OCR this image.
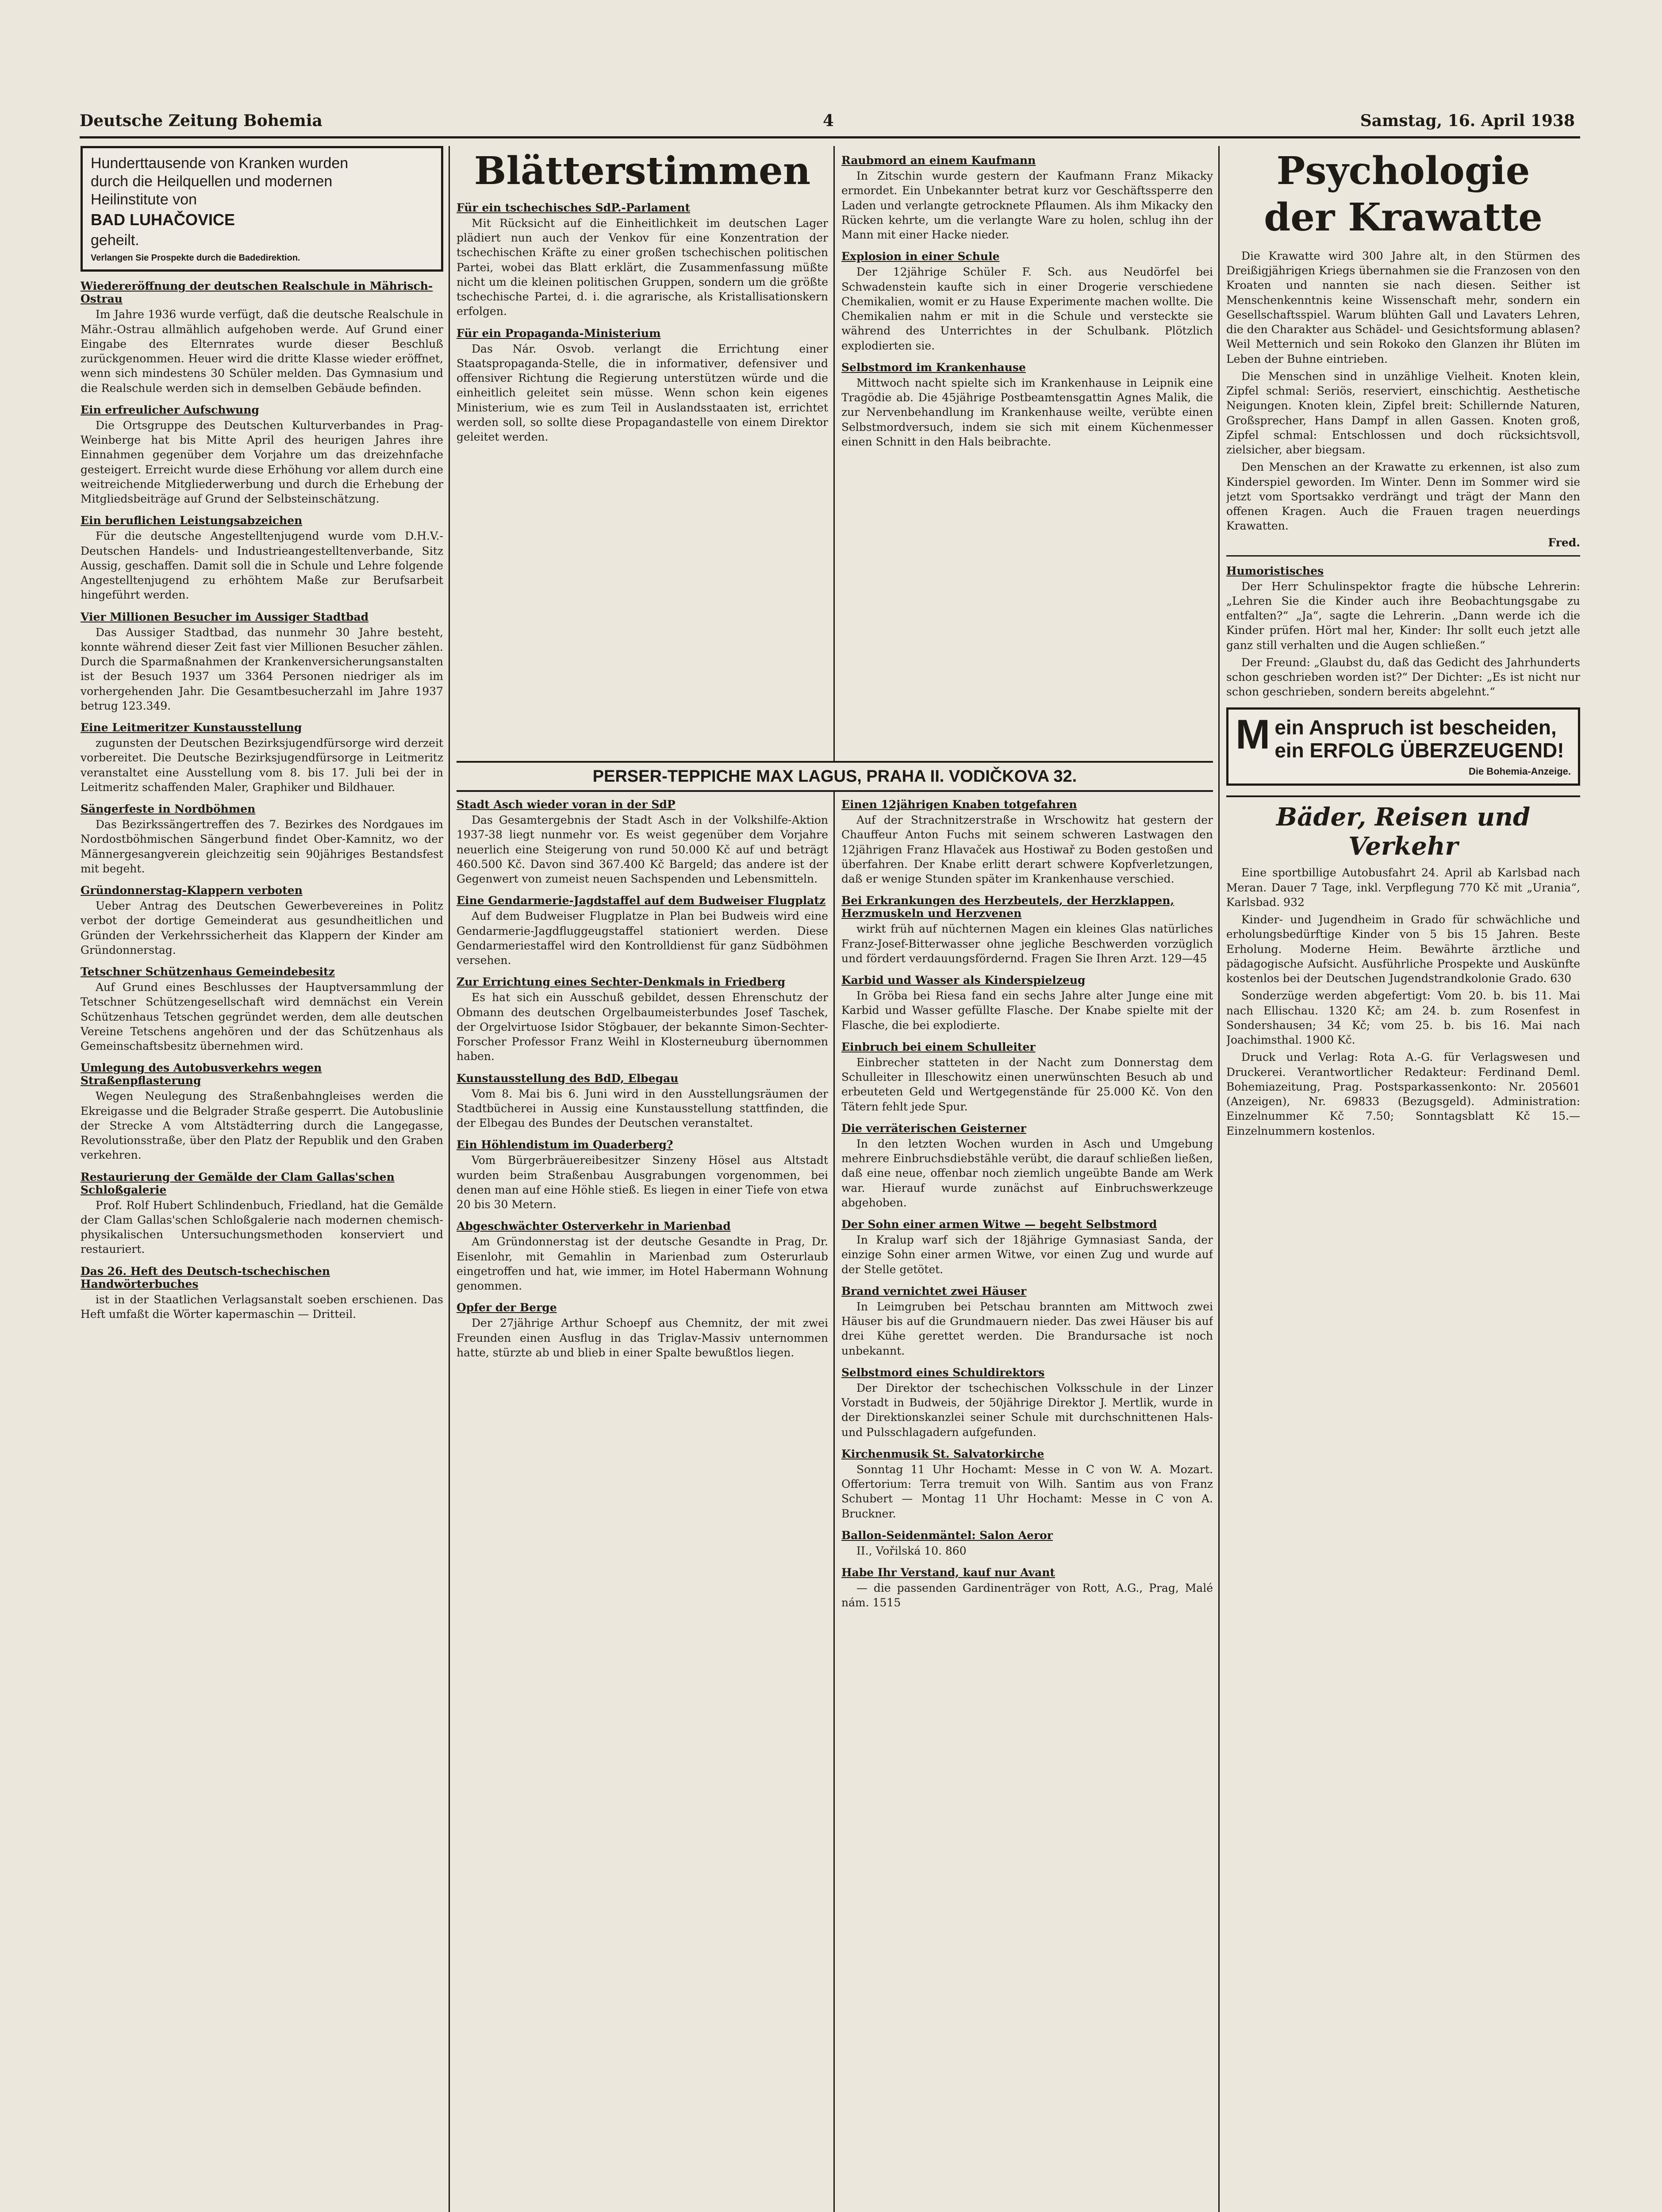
Deutsche Zeitung Bohemia	4	Samstag, 16. April 1938

Hunderttausende von Kranken wurden

durch die Heilquellen und modernen

Heilinstitute von

BAD LUHAČOVICE

geheilt.

Verlangen Sie Prospekte durch die Badedirektion.

Wiedereröffnung der deutschen Realschule in Mährisch-Ostrau
Im Jahre 1936 wurde verfügt, daß die deutsche Realschule in Mähr.-Ostrau allmählich aufgehoben werde. Auf Grund einer Eingabe des Elternrates wurde dieser Beschluß zurückgenommen. Heuer wird die dritte Klasse wieder eröffnet, wenn sich mindestens 30 Schüler melden. Das Gymnasium und die Realschule werden sich in demselben Gebäude befinden.
Ein erfreulicher Aufschwung
Die Ortsgruppe des Deutschen Kulturverbandes in Prag-Weinberge hat bis Mitte April des heurigen Jahres ihre Einnahmen gegenüber dem Vorjahre um das dreizehnfache gesteigert. Erreicht wurde diese Erhöhung vor allem durch eine weitreichende Mitgliederwerbung und durch die Erhebung der Mitgliedsbeiträge auf Grund der Selbsteinschätzung.
Ein beruflichen Leistungsabzeichen
Für die deutsche Angestelltenjugend wurde vom D.H.V.-Deutschen Handels- und Industrieangestelltenverbande, Sitz Aussig, geschaffen. Damit soll die in Schule und Lehre folgende Angestelltenjugend zu erhöhtem Maße zur Berufsarbeit hingeführt werden.
Vier Millionen Besucher im Aussiger Stadtbad
Das Aussiger Stadtbad, das nunmehr 30 Jahre besteht, konnte während dieser Zeit fast vier Millionen Besucher zählen. Durch die Sparmaßnahmen der Krankenversicherungsanstalten ist der Besuch 1937 um 3364 Personen niedriger als im vorhergehenden Jahr. Die Gesamtbesucherzahl im Jahre 1937 betrug 123.349.
Eine Leitmeritzer Kunstausstellung
zugunsten der Deutschen Bezirksjugendfürsorge wird derzeit vorbereitet. Die Deutsche Bezirksjugendfürsorge in Leitmeritz veranstaltet eine Ausstellung vom 8. bis 17. Juli bei der in Leitmeritz schaffenden Maler, Graphiker und Bildhauer.
Sängerfeste in Nordböhmen
Das Bezirkssängertreffen des 7. Bezirkes des Nordgaues im Nordostböhmischen Sängerbund findet Ober-Kamnitz, wo der Männergesangverein gleichzeitig sein 90jähriges Bestandsfest mit begeht.
Gründonnerstag-Klappern verboten
Ueber Antrag des Deutschen Gewerbevereines in Politz verbot der dortige Gemeinderat aus gesundheitlichen und Gründen der Verkehrssicherheit das Klappern der Kinder am Gründonnerstag.
Tetschner Schützenhaus Gemeindebesitz
Auf Grund eines Beschlusses der Hauptversammlung der Tetschner Schützengesellschaft wird demnächst ein Verein Schützenhaus Tetschen gegründet werden, dem alle deutschen Vereine Tetschens angehören und der das Schützenhaus als Gemeinschaftsbesitz übernehmen wird.
Umlegung des Autobusverkehrs wegen Straßenpflasterung
Wegen Neulegung des Straßenbahngleises werden die Ekreigasse und die Belgrader Straße gesperrt. Die Autobuslinie der Strecke A vom Altstädterring durch die Langegasse, Revolutionsstraße, über den Platz der Republik und den Graben verkehren.
Restaurierung der Gemälde der Clam Gallas'schen Schloßgalerie
Prof. Rolf Hubert Schlindenbuch, Friedland, hat die Gemälde der Clam Gallas'schen Schloßgalerie nach modernen chemisch-physikalischen Untersuchungsmethoden konserviert und restauriert.
Das 26. Heft des Deutsch-tschechischen Handwörterbuches
ist in der Staatlichen Verlagsanstalt soeben erschienen. Das Heft umfaßt die Wörter kapermaschin — Dritteil.
Blätterstimmen
Für ein tschechisches SdP.-Parlament
Mit Rücksicht auf die Einheitlichkeit im deutschen Lager plädiert nun auch der Venkov für eine Konzentration der tschechischen Kräfte zu einer großen tschechischen politischen Partei, wobei das Blatt erklärt, die Zusammenfassung müßte nicht um die kleinen politischen Gruppen, sondern um die größte tschechische Partei, d. i. die agrarische, als Kristallisationskern erfolgen.
Für ein Propaganda-Ministerium
Das Nár. Osvob. verlangt die Errichtung einer Staatspropaganda-Stelle, die in informativer, defensiver und offensiver Richtung die Regierung unterstützen würde und die einheitlich geleitet sein müsse. Wenn schon kein eigenes Ministerium, wie es zum Teil in Auslandsstaaten ist, errichtet werden soll, so sollte diese Propagandastelle von einem Direktor geleitet werden.
Stadt Asch wieder voran in der SdP
Das Gesamtergebnis der Stadt Asch in der Volkshilfe-Aktion 1937-38 liegt nunmehr vor. Es weist gegenüber dem Vorjahre neuerlich eine Steigerung von rund 50.000 Kč auf und beträgt 460.500 Kč. Davon sind 367.400 Kč Bargeld; das andere ist der Gegenwert von zumeist neuen Sachspenden und Lebensmitteln.
Eine Gendarmerie-Jagdstaffel auf dem Budweiser Flugplatz
Auf dem Budweiser Flugplatze in Plan bei Budweis wird eine Gendarmerie-Jagdfluggeugstaffel stationiert werden. Diese Gendarmeriestaffel wird den Kontrolldienst für ganz Südböhmen versehen.
Zur Errichtung eines Sechter-Denkmals in Friedberg
Es hat sich ein Ausschuß gebildet, dessen Ehrenschutz der Obmann des deutschen Orgelbaumeisterbundes Josef Taschek, der Orgelvirtuose Isidor Stögbauer, der bekannte Simon-Sechter-Forscher Professor Franz Weihl in Klosterneuburg übernommen haben.
Kunstausstellung des BdD, Elbegau
Vom 8. Mai bis 6. Juni wird in den Ausstellungsräumen der Stadtbücherei in Aussig eine Kunstausstellung stattfinden, die der Elbegau des Bundes der Deutschen veranstaltet.
Ein Höhlendistum im Quaderberg?
Vom Bürgerbräuereibesitzer Sinzeny Hösel aus Altstadt wurden beim Straßenbau Ausgrabungen vorgenommen, bei denen man auf eine Höhle stieß. Es liegen in einer Tiefe von etwa 20 bis 30 Metern.
Abgeschwächter Osterverkehr in Marienbad
Am Gründonnerstag ist der deutsche Gesandte in Prag, Dr. Eisenlohr, mit Gemahlin in Marienbad zum Osterurlaub eingetroffen und hat, wie immer, im Hotel Habermann Wohnung genommen.
Opfer der Berge
Der 27jährige Arthur Schoepf aus Chemnitz, der mit zwei Freunden einen Ausflug in das Triglav-Massiv unternommen hatte, stürzte ab und blieb in einer Spalte bewußtlos liegen.
Raubmord an einem Kaufmann
In Zitschin wurde gestern der Kaufmann Franz Mikacky ermordet. Ein Unbekannter betrat kurz vor Geschäftssperre den Laden und verlangte getrocknete Pflaumen. Als ihm Mikacky den Rücken kehrte, um die verlangte Ware zu holen, schlug ihn der Mann mit einer Hacke nieder.
Explosion in einer Schule
Der 12jährige Schüler F. Sch. aus Neudörfel bei Schwadenstein kaufte sich in einer Drogerie verschiedene Chemikalien, womit er zu Hause Experimente machen wollte. Die Chemikalien nahm er mit in die Schule und versteckte sie während des Unterrichtes in der Schulbank. Plötzlich explodierten sie.
Selbstmord im Krankenhause
Mittwoch nacht spielte sich im Krankenhause in Leipnik eine Tragödie ab. Die 45jährige Postbeamtensgattin Agnes Malik, die zur Nervenbehandlung im Krankenhause weilte, verübte einen Selbstmordversuch, indem sie sich mit einem Küchenmesser einen Schnitt in den Hals beibrachte.
Einen 12jährigen Knaben totgefahren
Auf der Strachnitzerstraße in Wrschowitz hat gestern der Chauffeur Anton Fuchs mit seinem schweren Lastwagen den 12jährigen Franz Hlavaček aus Hostiwař zu Boden gestoßen und überfahren. Der Knabe erlitt derart schwere Kopfverletzungen, daß er wenige Stunden später im Krankenhause verschied.
Bei Erkrankungen des Herzbeutels, der Herzklappen, Herzmuskeln und Herzvenen
wirkt früh auf nüchternen Magen ein kleines Glas natürliches Franz-Josef-Bitterwasser ohne jegliche Beschwerden vorzüglich und fördert verdauungsfördernd. Fragen Sie Ihren Arzt. 129—45
Karbid und Wasser als Kinderspielzeug
In Gröba bei Riesa fand ein sechs Jahre alter Junge eine mit Karbid und Wasser gefüllte Flasche. Der Knabe spielte mit der Flasche, die bei explodierte.
Einbruch bei einem Schulleiter
Einbrecher statteten in der Nacht zum Donnerstag dem Schulleiter in Illeschowitz einen unerwünschten Besuch ab und erbeuteten Geld und Wertgegenstände für 25.000 Kč. Von den Tätern fehlt jede Spur.
Die verräterischen Geisterner
In den letzten Wochen wurden in Asch und Umgebung mehrere Einbruchsdiebstähle verübt, die darauf schließen ließen, daß eine neue, offenbar noch ziemlich ungeübte Bande am Werk war. Hierauf wurde zunächst auf Einbruchswerkzeuge abgehoben.
Der Sohn einer armen Witwe — begeht Selbstmord
In Kralup warf sich der 18jährige Gymnasiast Sanda, der einzige Sohn einer armen Witwe, vor einen Zug und wurde auf der Stelle getötet.
Brand vernichtet zwei Häuser
In Leimgruben bei Petschau brannten am Mittwoch zwei Häuser bis auf die Grundmauern nieder. Das zwei Häuser bis auf drei Kühe gerettet werden. Die Brandursache ist noch unbekannt.
Selbstmord eines Schuldirektors
Der Direktor der tschechischen Volksschule in der Linzer Vorstadt in Budweis, der 50jährige Direktor J. Mertlik, wurde in der Direktionskanzlei seiner Schule mit durchschnittenen Hals- und Pulsschlagadern aufgefunden.
Kirchenmusik St. Salvatorkirche
Sonntag 11 Uhr Hochamt: Messe in C von W. A. Mozart. Offertorium: Terra tremuit von Wilh. Santim aus von Franz Schubert — Montag 11 Uhr Hochamt: Messe in C von A. Bruckner.
Ballon-Seidenmäntel: Salon Aeror
II., Vořilská 10. 860
Habe Ihr Verstand, kauf nur Avant
— die passenden Gardinenträger von Rott, A.G., Prag, Malé nám. 1515
PERSER-TEPPICHE MAX LAGUS, PRAHA II. VODIČKOVA 32.
Psychologie
der Krawatte
Die Krawatte wird 300 Jahre alt, in den Stürmen des Dreißigjährigen Kriegs übernahmen sie die Franzosen von den Kroaten und nannten sie nach diesen. Seither ist Menschenkenntnis keine Wissenschaft mehr, sondern ein Gesellschaftsspiel. Warum blühten Gall und Lavaters Lehren, die den Charakter aus Schädel- und Gesichtsformung ablasen? Weil Metternich und sein Rokoko den Glanzen ihr Blüten im Leben der Buhne eintrieben.
Die Menschen sind in unzählige Vielheit. Knoten klein, Zipfel schmal: Seriös, reserviert, einschichtig. Aesthetische Neigungen. Knoten klein, Zipfel breit: Schillernde Naturen, Großsprecher, Hans Dampf in allen Gassen. Knoten groß, Zipfel schmal: Entschlossen und doch rücksichtsvoll, zielsicher, aber biegsam.
Den Menschen an der Krawatte zu erkennen, ist also zum Kinderspiel geworden. Im Winter. Denn im Sommer wird sie jetzt vom Sportsakko verdrängt und trägt der Mann den offenen Kragen. Auch die Frauen tragen neuerdings Krawatten.
Fred.
Humoristisches
Der Herr Schulinspektor fragte die hübsche Lehrerin: „Lehren Sie die Kinder auch ihre Beobachtungsgabe zu entfalten?“ „Ja“, sagte die Lehrerin. „Dann werde ich die Kinder prüfen. Hört mal her, Kinder: Ihr sollt euch jetzt alle ganz still verhalten und die Augen schließen.“
Der Freund: „Glaubst du, daß das Gedicht des Jahrhunderts schon geschrieben worden ist?“ Der Dichter: „Es ist nicht nur schon geschrieben, sondern bereits abgelehnt.“
M ein Anspruch ist bescheiden,
ein ERFOLG ÜBERZEUGEND!
Die Bohemia-Anzeige.
Bäder, Reisen und Verkehr
Eine sportbillige Autobusfahrt 24. April ab Karlsbad nach Meran. Dauer 7 Tage, inkl. Verpflegung 770 Kč mit „Urania“, Karlsbad. 932
Kinder- und Jugendheim in Grado für schwächliche und erholungsbedürftige Kinder von 5 bis 15 Jahren. Beste Erholung. Moderne Heim. Bewährte ärztliche und pädagogische Aufsicht. Ausführliche Prospekte und Auskünfte kostenlos bei der Deutschen Jugendstrandkolonie Grado. 630
Sonderzüge werden abgefertigt: Vom 20. b. bis 11. Mai nach Ellischau. 1320 Kč; am 24. b. zum Rosenfest in Sondershausen; 34 Kč; vom 25. b. bis 16. Mai nach Joachimsthal. 1900 Kč.
Druck und Verlag: Rota A.-G. für Verlagswesen und Druckerei. Verantwortlicher Redakteur: Ferdinand Deml. Bohemiazeitung, Prag. Postsparkassenkonto: Nr. 205601 (Anzeigen), Nr. 69833 (Bezugsgeld). Administration: Einzelnummer Kč 7.50; Sonntagsblatt Kč 15.— Einzelnummern kostenlos.
